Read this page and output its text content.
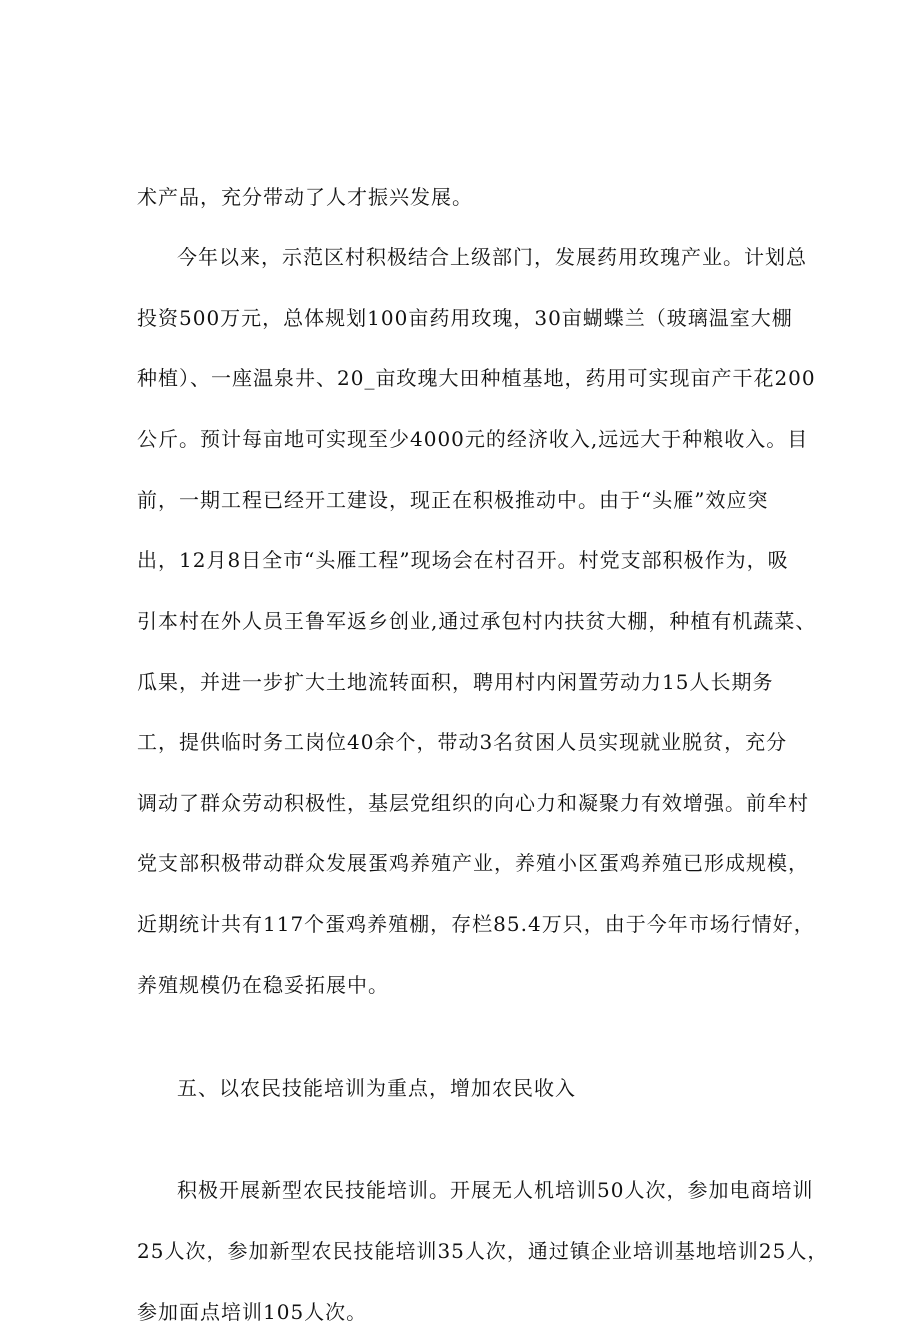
术产品，充分带动了人才振兴发展。
今年以来，示范区村积极结合上级部门，发展药用玫瑰产业。计划总
投资500万元，总体规划100亩药用玫瑰，30亩蝴蝶兰（玻璃温室大棚
种植）、一座温泉井、20_亩玫瑰大田种植基地，药用可实现亩产干花200
公斤。预计每亩地可实现至少4000元的经济收入,远远大于种粮收入。目
前，一期工程已经开工建设，现正在积极推动中。由于“头雁”效应突
出，12月8日全市“头雁工程”现场会在村召开。村党支部积极作为，吸
引本村在外人员王鲁军返乡创业,通过承包村内扶贫大棚，种植有机蔬菜、
瓜果，并进一步扩大土地流转面积，聘用村内闲置劳动力15人长期务
工，提供临时务工岗位40余个，带动3名贫困人员实现就业脱贫，充分
调动了群众劳动积极性，基层党组织的向心力和凝聚力有效增强。前牟村
党支部积极带动群众发展蛋鸡养殖产业，养殖小区蛋鸡养殖已形成规模，
近期统计共有117个蛋鸡养殖棚，存栏85.4万只，由于今年市场行情好，
养殖规模仍在稳妥拓展中。
五、以农民技能培训为重点，增加农民收入
积极开展新型农民技能培训。开展无人机培训50人次，参加电商培训
25人次，参加新型农民技能培训35人次，通过镇企业培训基地培训25人，
参加面点培训105人次。
